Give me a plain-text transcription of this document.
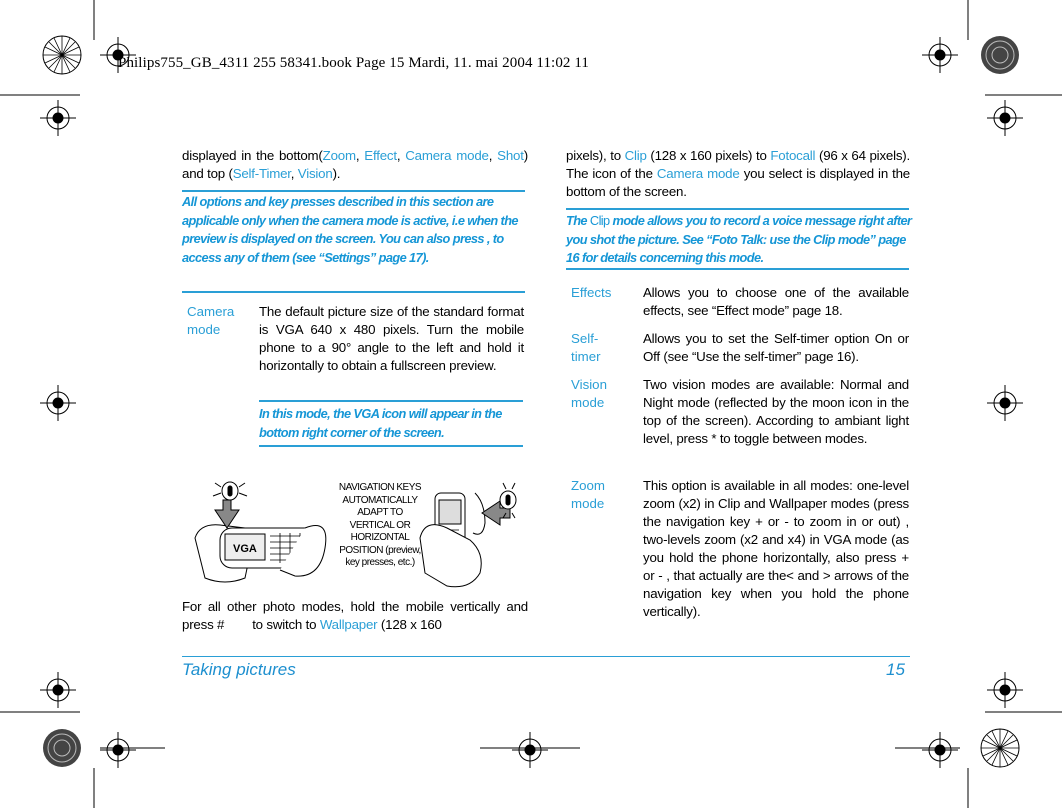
Philips755_GB_4311 255 58341.book Page 15 Mardi, 11. mai 2004 11:02 11
displayed in the bottom(Zoom, Effect, Camera mode, Shot) and top (Self-Timer, Vision).
All options and key presses described in this section are applicable only when the camera mode is active, i.e when the preview is displayed on the screen. You can also press , to access any of them (see “Settings” page 17).
Camera mode
The default picture size of the standard format is VGA 640 x 480 pixels. Turn the mobile phone to a 90° angle to the left and hold it horizontally to obtain a fullscreen preview.
In this mode, the VGA icon will appear in the bottom right corner of the screen.
VGA
NAVIGATION KEYS
AUTOMATICALLY
ADAPT TO
VERTICAL OR
HORIZONTAL
POSITION (preview,
key presses, etc.)
For all other photo modes, hold the mobile vertically and press # to switch to Wallpaper (128 x 160
pixels), to Clip (128 x 160 pixels) to Fotocall (96 x 64 pixels). The icon of the Camera mode you select is displayed in the bottom of the screen.
The Clip mode allows you to record a voice message right after you shot the picture. See “Foto Talk: use the Clip mode” page 16 for details concerning this mode.
Effects	Allows you to choose one of the available effects, see “Effect mode” page 18.
Self-timer
Allows you to set the Self-timer option On or Off (see “Use the self-timer” page 16).
Vision mode
Two vision modes are available: Normal and Night mode (reflected by the moon icon in the top of the screen). According to ambiant light level, press * to toggle between modes.
Zoom mode
This option is available in all modes: one-level zoom (x2) in Clip and Wallpaper modes (press the navigation key + or - to zoom in or out) , two-levels zoom (x2 and x4) in VGA mode (as you hold the phone horizontally, also press + or - , that actually are the< and > arrows of the navigation key when you hold the phone vertically).
Taking pictures	15
